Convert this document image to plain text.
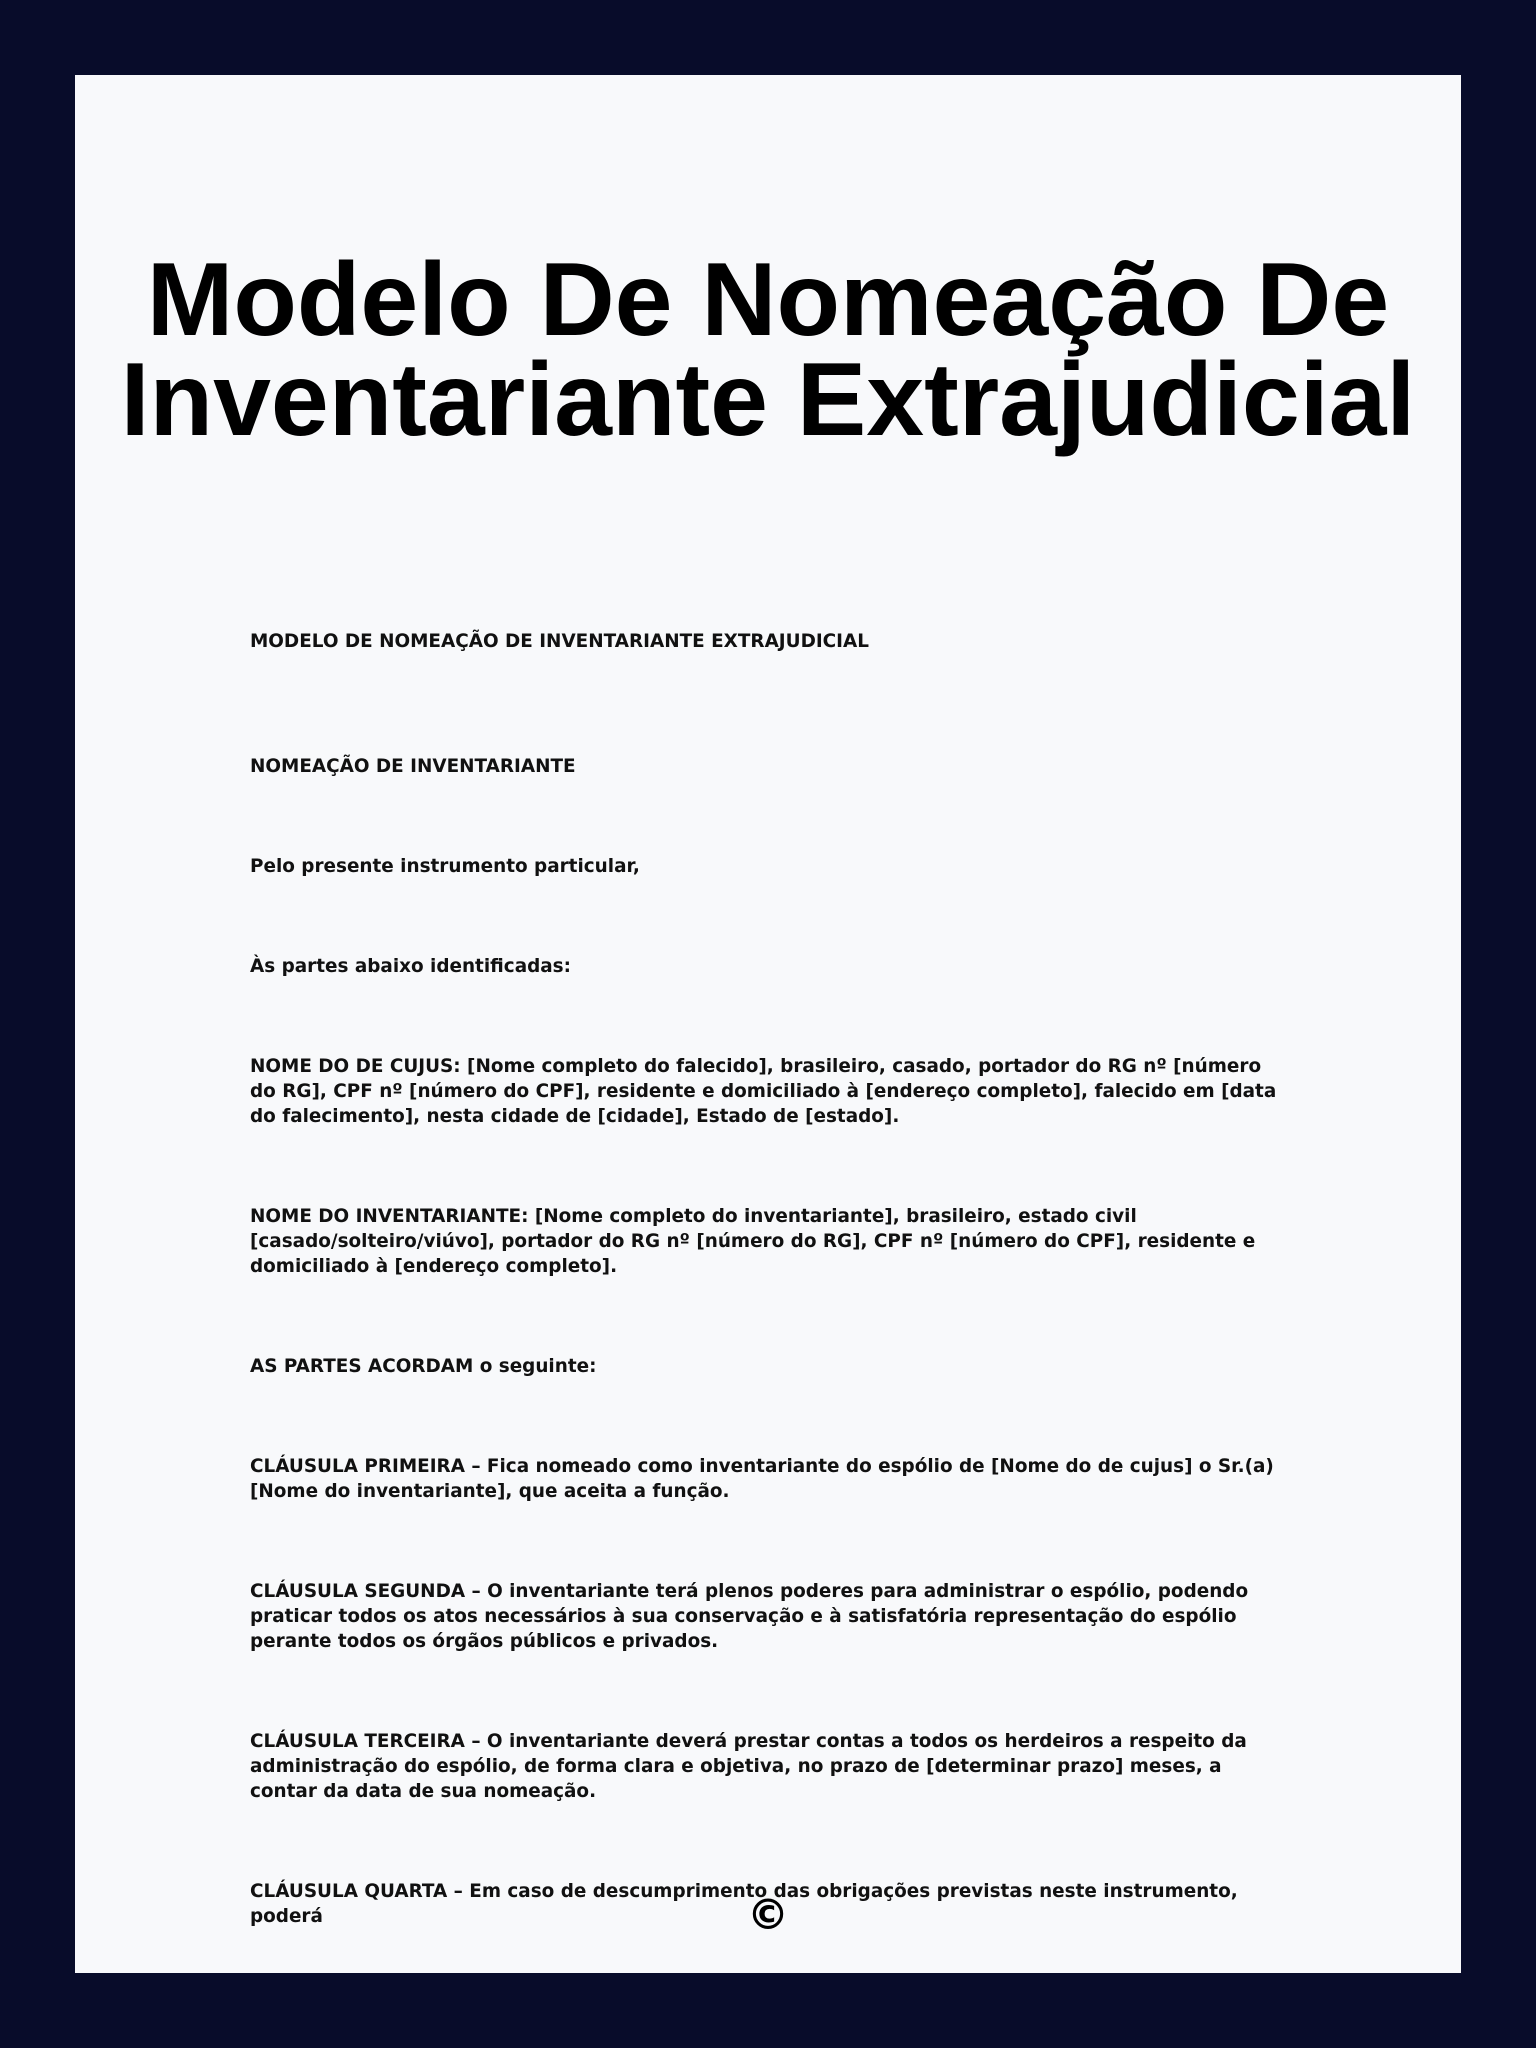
Modelo De Nomeação De
Inventariante Extrajudicial

MODELO DE NOMEAÇÃO DE INVENTARIANTE EXTRAJUDICIAL

NOMEAÇÃO DE INVENTARIANTE

Pelo presente instrumento particular,

Às partes abaixo identificadas:

NOME DO DE CUJUS: [Nome completo do falecido], brasileiro, casado, portador do RG nº [número do RG], CPF nº [número do CPF], residente e domiciliado à [endereço completo], falecido em [data do falecimento], nesta cidade de [cidade], Estado de [estado].

NOME DO INVENTARIANTE: [Nome completo do inventariante], brasileiro, estado civil [casado/solteiro/viúvo], portador do RG nº [número do RG], CPF nº [número do CPF], residente e domiciliado à [endereço completo].

AS PARTES ACORDAM o seguinte:

CLÁUSULA PRIMEIRA – Fica nomeado como inventariante do espólio de [Nome do de cujus] o Sr.(a) [Nome do inventariante], que aceita a função.

CLÁUSULA SEGUNDA – O inventariante terá plenos poderes para administrar o espólio, podendo praticar todos os atos necessários à sua conservação e à satisfatória representação do espólio perante todos os órgãos públicos e privados.

CLÁUSULA TERCEIRA – O inventariante deverá prestar contas a todos os herdeiros a respeito da administração do espólio, de forma clara e objetiva, no prazo de [determinar prazo] meses, a contar da data de sua nomeação.

CLÁUSULA QUARTA – Em caso de descumprimento das obrigações previstas neste instrumento, poderá	©
